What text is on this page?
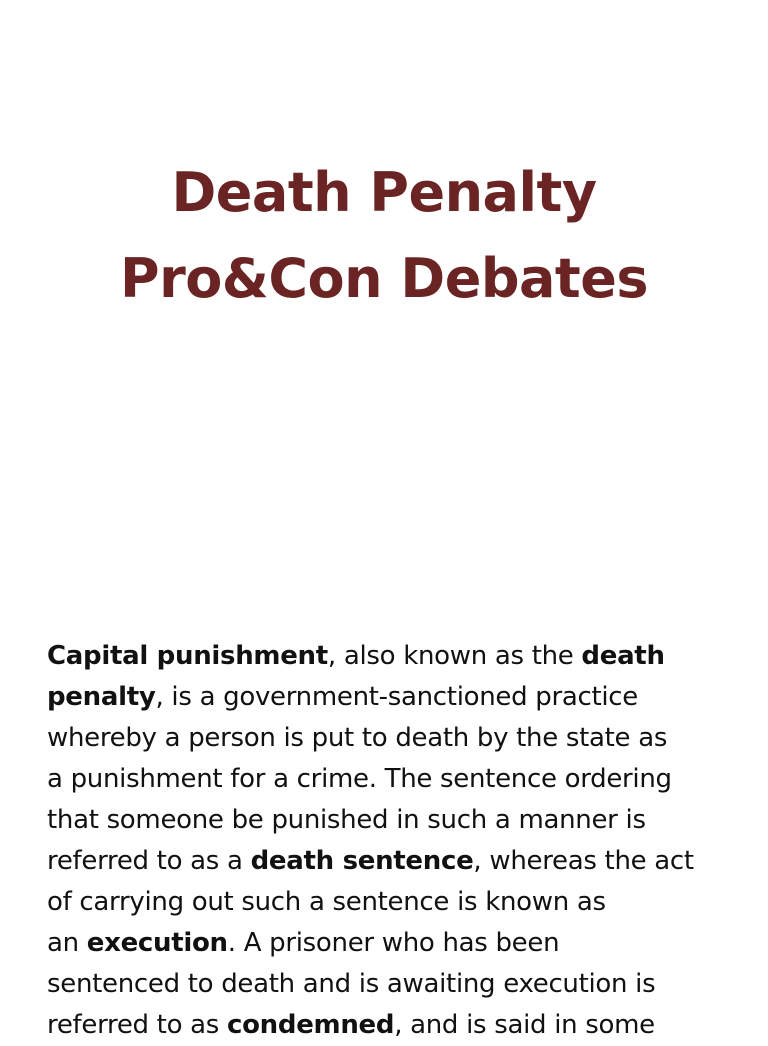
Death Penalty
Pro&Con Debates
Capital punishment, also known as the death
penalty, is a government-sanctioned practice
whereby a person is put to death by the state as
a punishment for a crime. The sentence ordering
that someone be punished in such a manner is
referred to as a death sentence, whereas the act
of carrying out such a sentence is known as
an execution. A prisoner who has been
sentenced to death and is awaiting execution is
referred to as condemned, and is said in some
